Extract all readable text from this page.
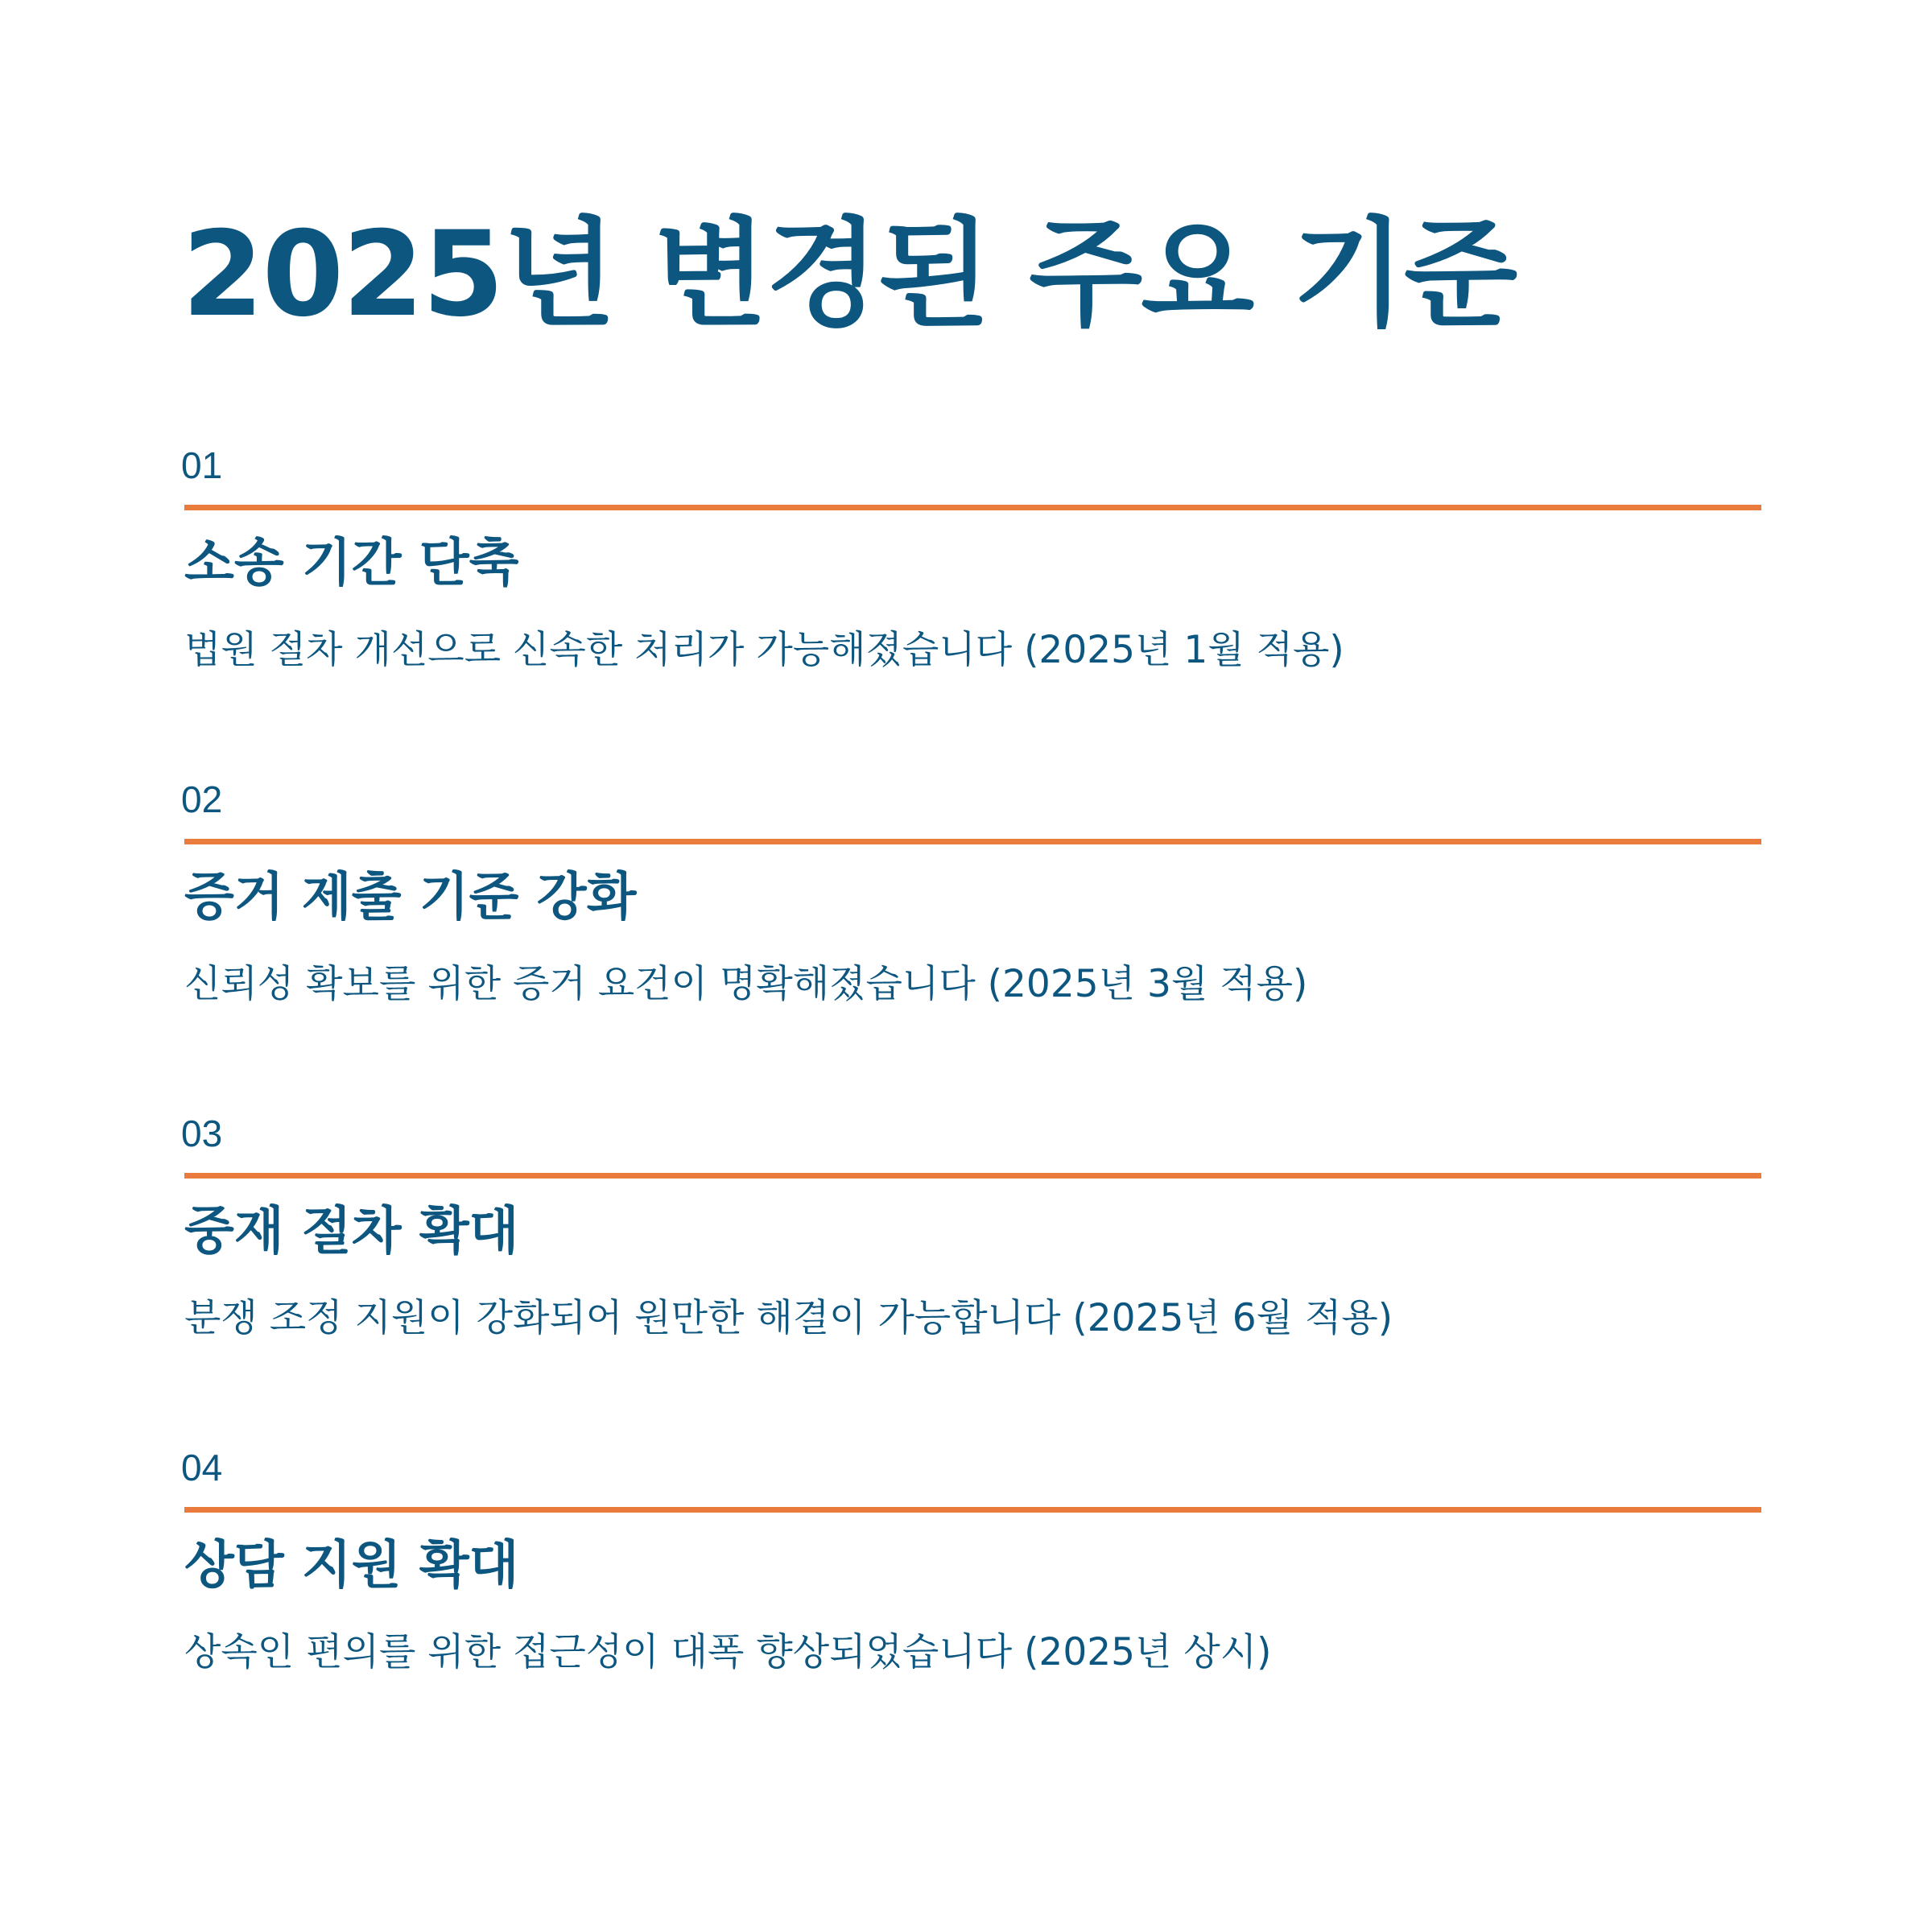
2025년 변경된 주요 기준
01
소송 기간 단축
법원 절차 개선으로 신속한 처리가 가능해졌습니다 (2025년 1월 적용)
02
증거 제출 기준 강화
신뢰성 확보를 위한 증거 요건이 명확해졌습니다 (2025년 3월 적용)
03
중재 절차 확대
분쟁 조정 지원이 강화되어 원만한 해결이 가능합니다 (2025년 6월 적용)
04
상담 지원 확대
상속인 편의를 위한 접근성이 대폭 향상되었습니다 (2025년 상시)
